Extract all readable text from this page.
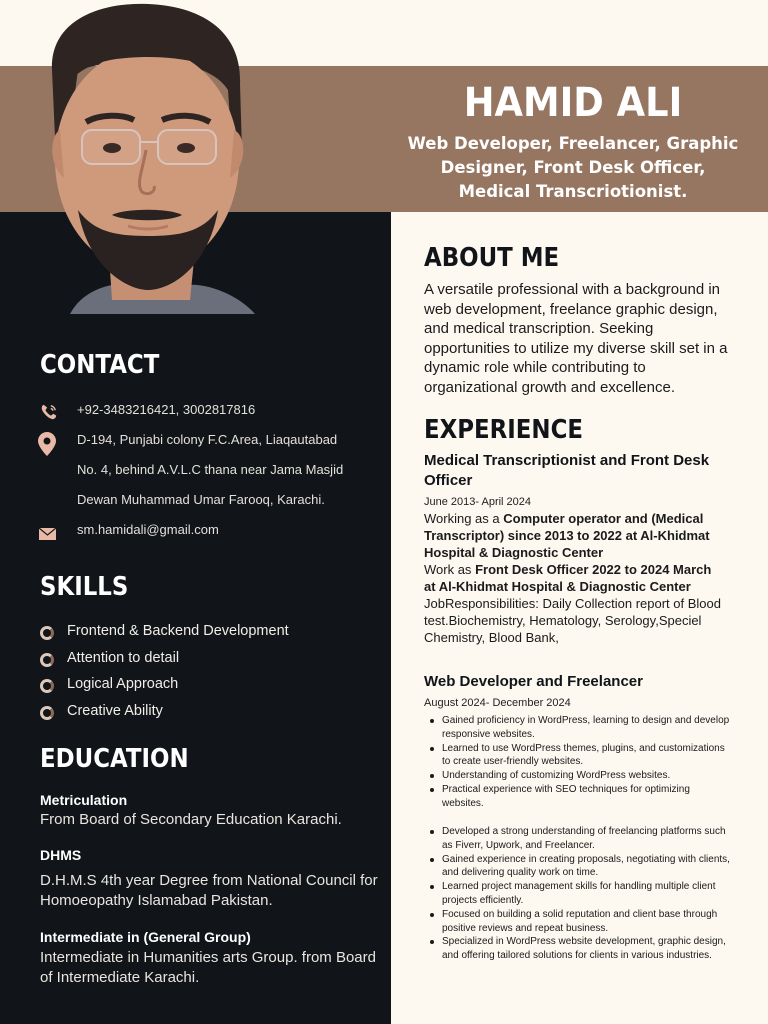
HAMID ALI
Web Developer, Freelancer, Graphic Designer, Front Desk Officer, Medical Transcriotionist.
CONTACT
+92-3483216421, 3002817816
D-194, Punjabi colony F.C.Area, Liaqautabad
No. 4, behind A.V.L.C thana near Jama Masjid
Dewan Muhammad Umar Farooq, Karachi.
sm.hamidali@gmail.com
SKILLS
Frontend & Backend Development
Attention to detail
Logical Approach
Creative Ability
EDUCATION
Metriculation
From Board of Secondary Education Karachi.
DHMS
D.H.M.S 4th year Degree from National Council for Homoeopathy Islamabad Pakistan.
Intermediate in (General Group)
Intermediate in Humanities arts Group. from Board of Intermediate Karachi.
ABOUT ME
A versatile professional with a background in web development, freelance graphic design, and medical transcription. Seeking opportunities to utilize my diverse skill set in a dynamic role while contributing to organizational growth and excellence.
EXPERIENCE
Medical Transcriptionist and Front Desk Officer
June 2013- April 2024
Working as a Computer operator and (Medical Transcriptor) since 2013 to 2022 at Al-Khidmat Hospital & Diagnostic Center
Work as Front Desk Officer 2022 to 2024 March at Al-Khidmat Hospital & Diagnostic Center
JobResponsibilities: Daily Collection report of Blood test.Biochemistry, Hematology, Serology,Speciel Chemistry, Blood Bank,
Web Developer and Freelancer
August 2024- December 2024
Gained proficiency in WordPress, learning to design and develop responsive websites.
Learned to use WordPress themes, plugins, and customizations to create user-friendly websites.
Understanding of customizing WordPress websites.
Practical experience with SEO techniques for optimizing websites.
Developed a strong understanding of freelancing platforms such as Fiverr, Upwork, and Freelancer.
Gained experience in creating proposals, negotiating with clients, and delivering quality work on time.
Learned project management skills for handling multiple client projects efficiently.
Focused on building a solid reputation and client base through positive reviews and repeat business.
Specialized in WordPress website development, graphic design, and offering tailored solutions for clients in various industries.
